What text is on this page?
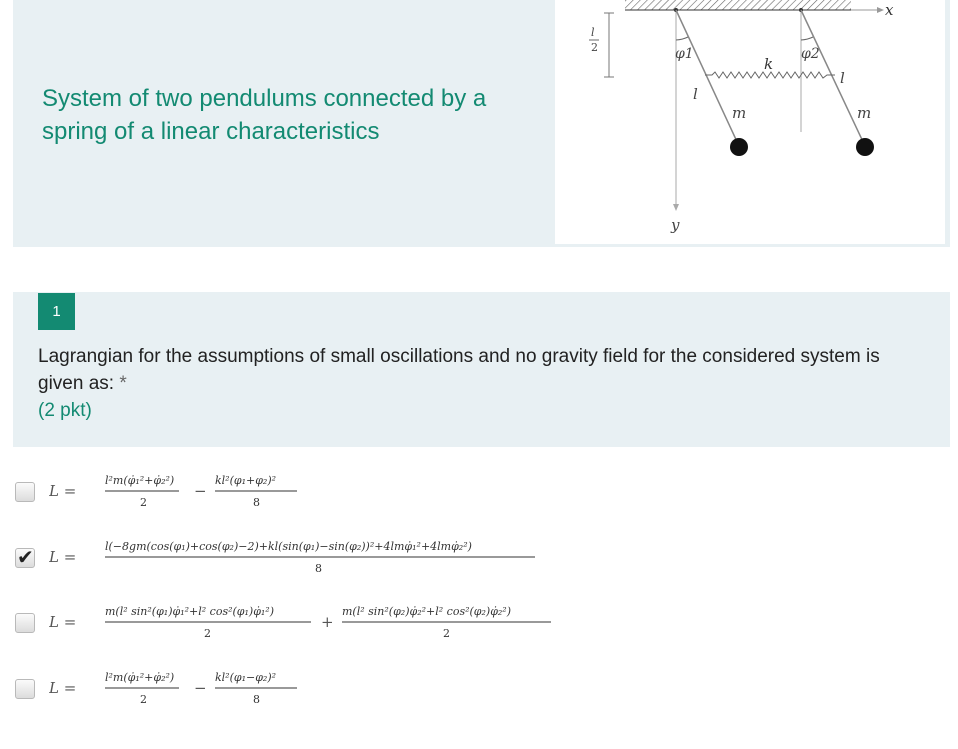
System of two pendulums connected by a spring of a linear characteristics
x
y
l
2	φ1	φ2
k
l
l
m	m
1
Lagrangian for the assumptions of small oscillations and no gravity field for the considered system is given as: *
(2 pkt)
L =
l²m(φ̇₁²+φ̇₂²)
2
−
kl²(φ₁+φ₂)²
8
✔ L =
l(−8gm(cos(φ₁)+cos(φ₂)−2)+kl(sin(φ₁)−sin(φ₂))²+4lmφ̇₁²+4lmφ̇₂²)
8
L =
m(l² sin²(φ₁)φ̇₁²+l² cos²(φ₁)φ̇₁²)
2
+
m(l² sin²(φ₂)φ̇₂²+l² cos²(φ₂)φ̇₂²)
2
L =
l²m(φ̇₁²+φ̇₂²)
2
−
kl²(φ₁−φ₂)²
8
